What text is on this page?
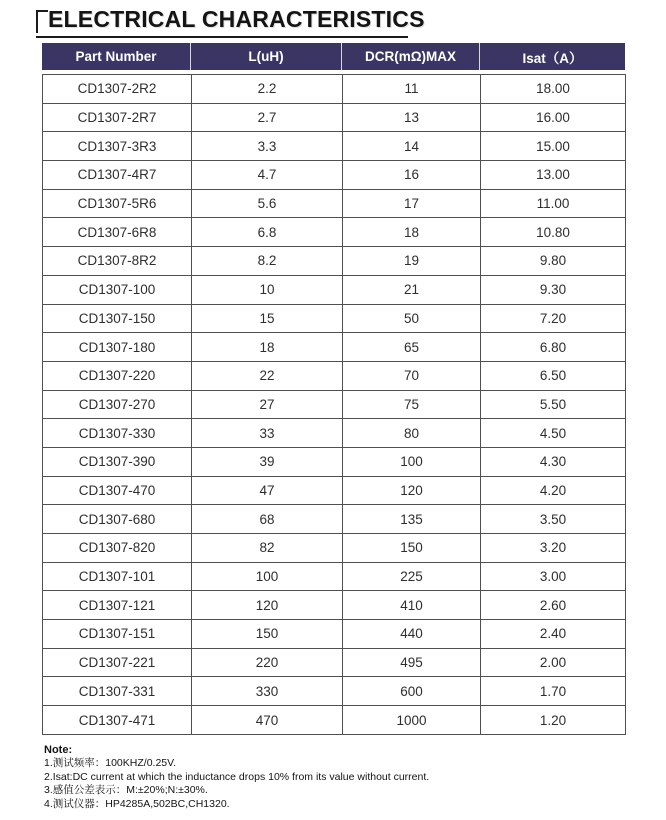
ELECTRICAL CHARACTERISTICS
Part Number	L(uH)	DCR(mΩ)MAX	Isat（A）
CD1307-2R2	2.2	11	18.00
CD1307-2R7	2.7	13	16.00
CD1307-3R3	3.3	14	15.00
CD1307-4R7	4.7	16	13.00
CD1307-5R6	5.6	17	11.00
CD1307-6R8	6.8	18	10.80
CD1307-8R2	8.2	19	9.80
CD1307-100	10	21	9.30
CD1307-150	15	50	7.20
CD1307-180	18	65	6.80
CD1307-220	22	70	6.50
CD1307-270	27	75	5.50
CD1307-330	33	80	4.50
CD1307-390	39	100	4.30
CD1307-470	47	120	4.20
CD1307-680	68	135	3.50
CD1307-820	82	150	3.20
CD1307-101	100	225	3.00
CD1307-121	120	410	2.60
CD1307-151	150	440	2.40
CD1307-221	220	495	2.00
CD1307-331	330	600	1.70
CD1307-471	470	1000	1.20
Note:
1.测试频率：100KHZ/0.25V.
2.Isat:DC current at which the inductance drops 10% from its value without current.
3.感值公差表示：M:±20%;N:±30%.
4.测试仪器：HP4285A,502BC,CH1320.
